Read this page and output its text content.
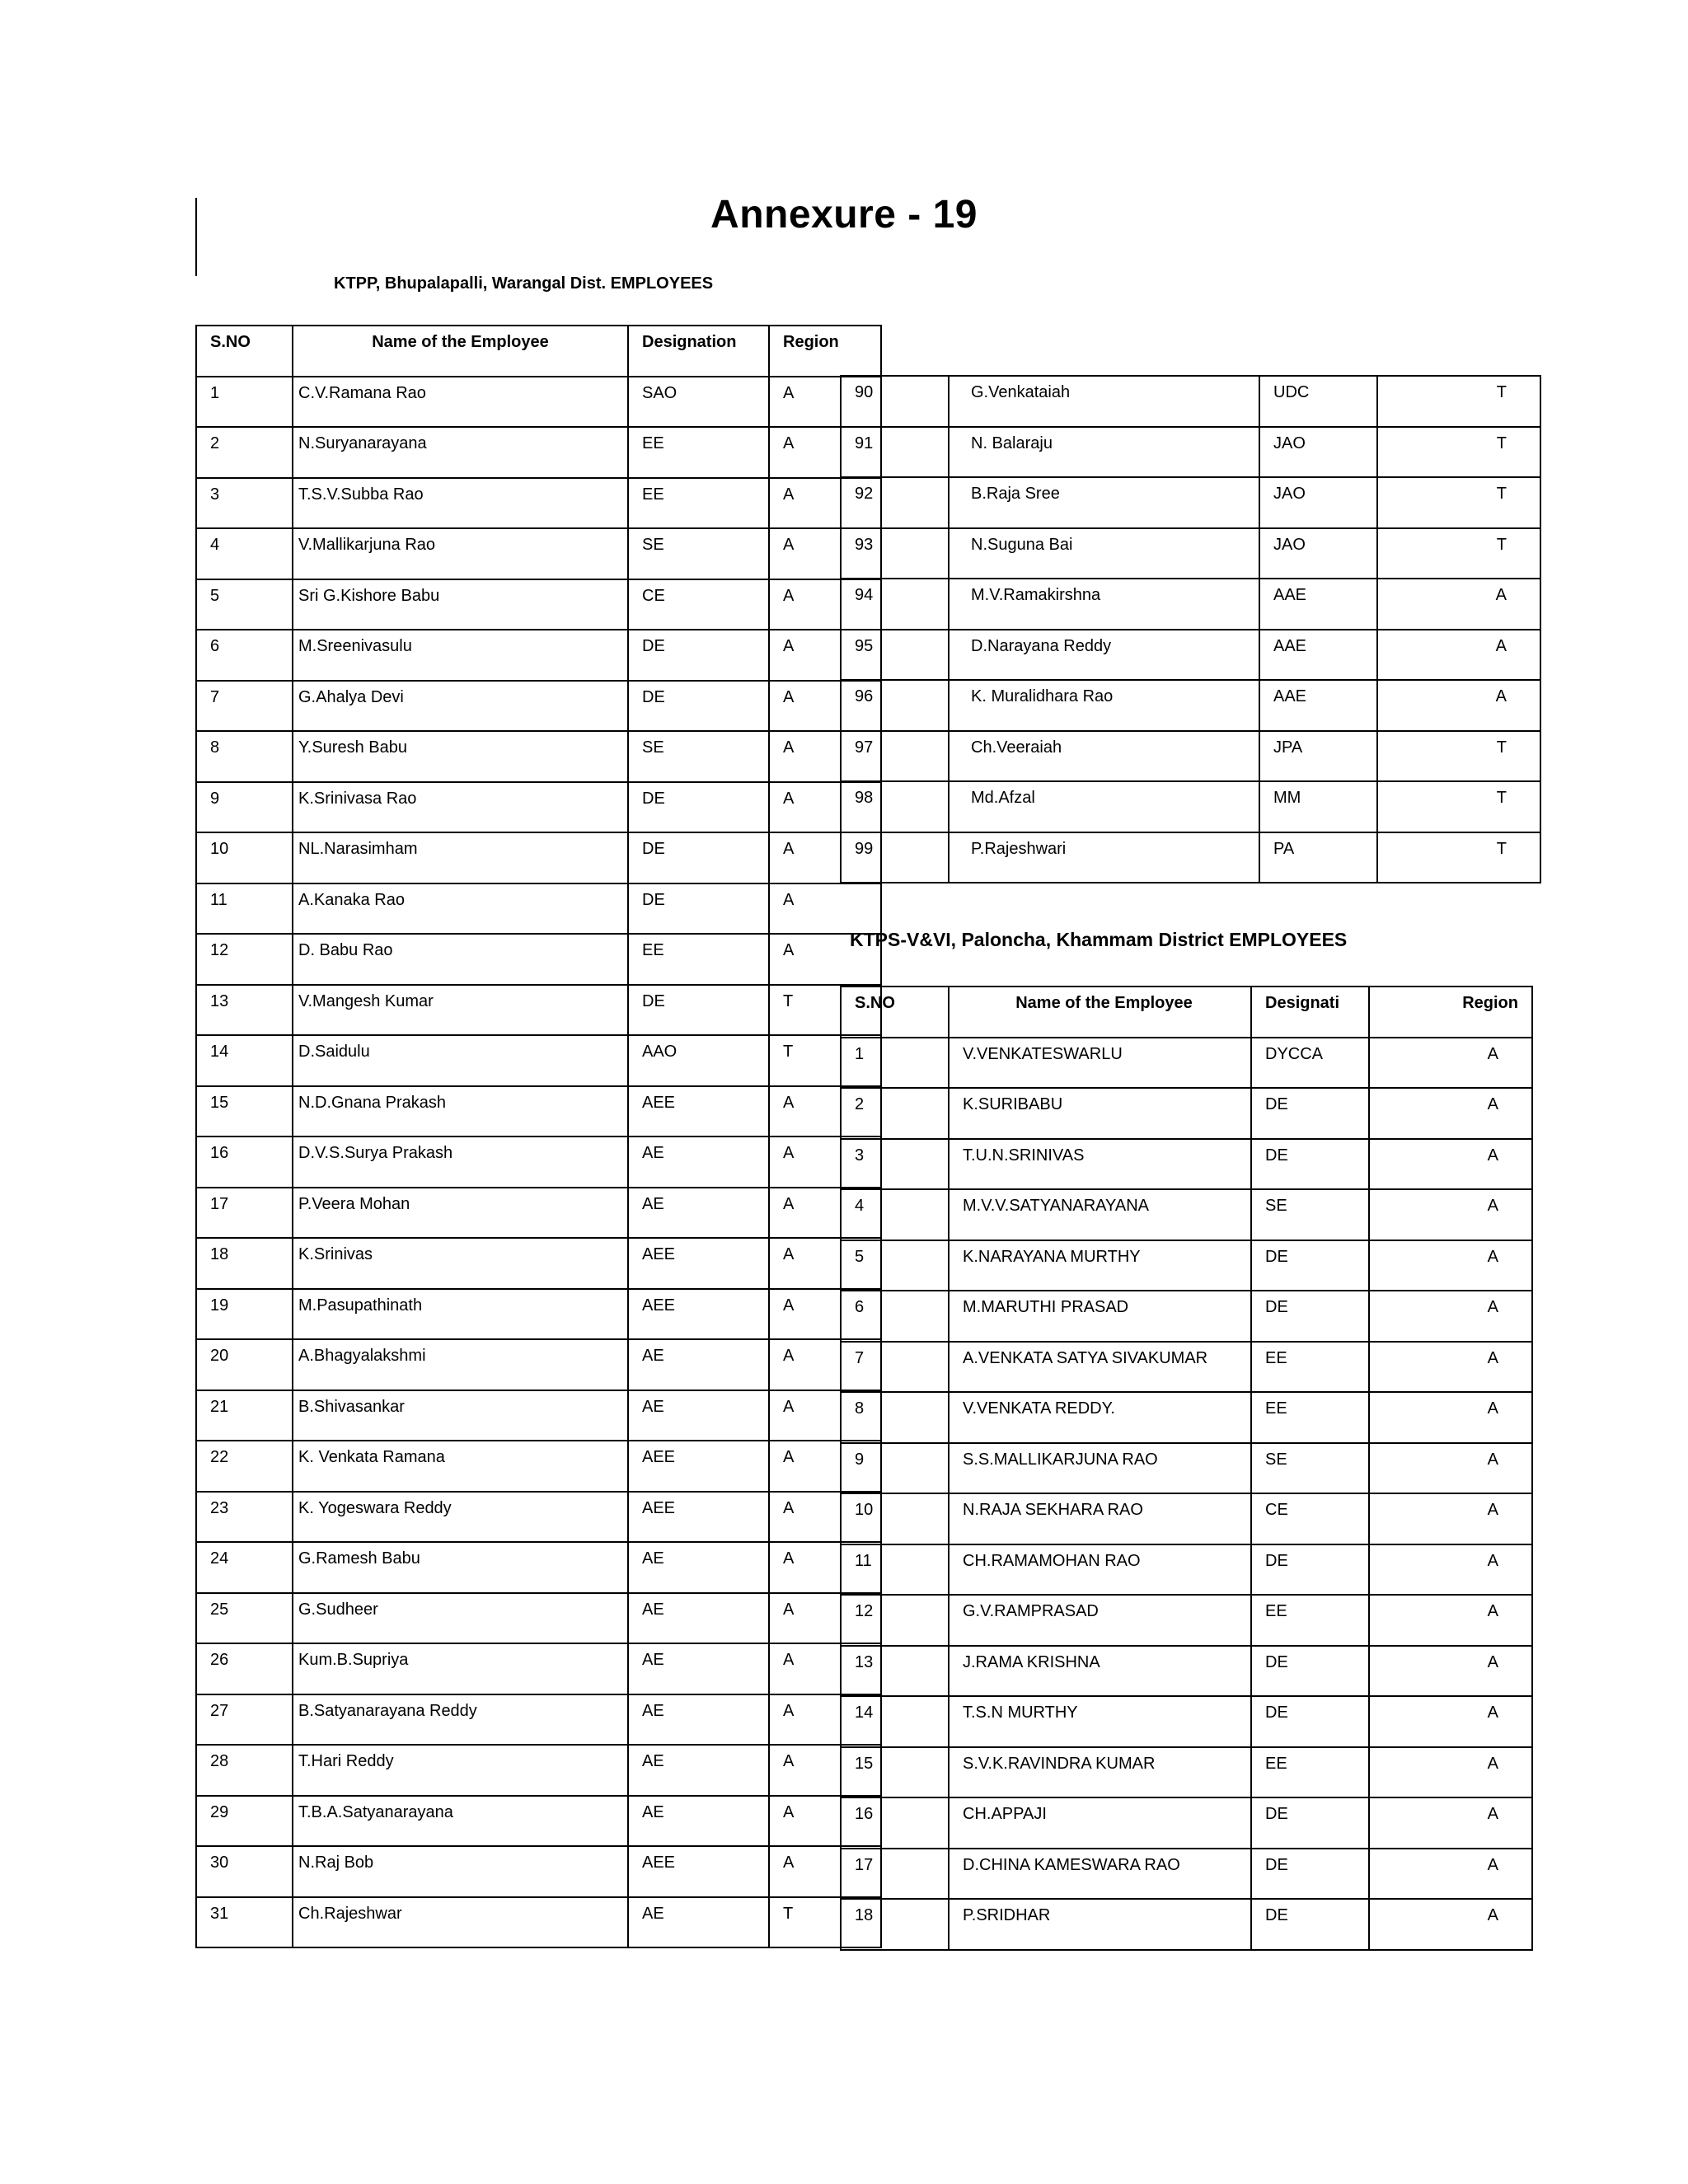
Annexure - 19
KTPP, Bhupalapalli, Warangal Dist. EMPLOYEES
S.NO	Name of the Employee	Designation	Region
1	C.V.Ramana Rao	SAO	A
2	N.Suryanarayana	EE	A
3	T.S.V.Subba Rao	EE	A
4	V.Mallikarjuna Rao	SE	A
5	Sri G.Kishore Babu	CE	A
6	M.Sreenivasulu	DE	A
7	G.Ahalya Devi	DE	A
8	Y.Suresh Babu	SE	A
9	K.Srinivasa Rao	DE	A
10	NL.Narasimham	DE	A
11	A.Kanaka Rao	DE	A
12	D. Babu Rao	EE	A
13	V.Mangesh Kumar	DE	T
14	D.Saidulu	AAO	T
15	N.D.Gnana Prakash	AEE	A
16	D.V.S.Surya Prakash	AE	A
17	P.Veera Mohan	AE	A
18	K.Srinivas	AEE	A
19	M.Pasupathinath	AEE	A
20	A.Bhagyalakshmi	AE	A
21	B.Shivasankar	AE	A
22	K. Venkata Ramana	AEE	A
23	K. Yogeswara Reddy	AEE	A
24	G.Ramesh Babu	AE	A
25	G.Sudheer	AE	A
26	Kum.B.Supriya	AE	A
27	B.Satyanarayana Reddy	AE	A
28	T.Hari Reddy	AE	A
29	T.B.A.Satyanarayana	AE	A
30	N.Raj Bob	AEE	A
31	Ch.Rajeshwar	AE	T
90	G.Venkataiah	UDC	T
91	N. Balaraju	JAO	T
92	B.Raja Sree	JAO	T
93	N.Suguna Bai	JAO	T
94	M.V.Ramakirshna	AAE	A
95	D.Narayana Reddy	AAE	A
96	K. Muralidhara Rao	AAE	A
97	Ch.Veeraiah	JPA	T
98	Md.Afzal	MM	T
99	P.Rajeshwari	PA	T
KTPS-V&VI, Paloncha, Khammam District EMPLOYEES
S.NO	Name of the Employee	Designati	Region
1	V.VENKATESWARLU	DYCCA	A
2	K.SURIBABU	DE	A
3	T.U.N.SRINIVAS	DE	A
4	M.V.V.SATYANARAYANA	SE	A
5	K.NARAYANA MURTHY	DE	A
6	M.MARUTHI PRASAD	DE	A
7	A.VENKATA SATYA SIVAKUMAR	EE	A
8	V.VENKATA REDDY.	EE	A
9	S.S.MALLIKARJUNA RAO	SE	A
10	N.RAJA SEKHARA RAO	CE	A
11	CH.RAMAMOHAN RAO	DE	A
12	G.V.RAMPRASAD	EE	A
13	J.RAMA KRISHNA	DE	A
14	T.S.N MURTHY	DE	A
15	S.V.K.RAVINDRA KUMAR	EE	A
16	CH.APPAJI	DE	A
17	D.CHINA KAMESWARA RAO	DE	A
18	P.SRIDHAR	DE	A
